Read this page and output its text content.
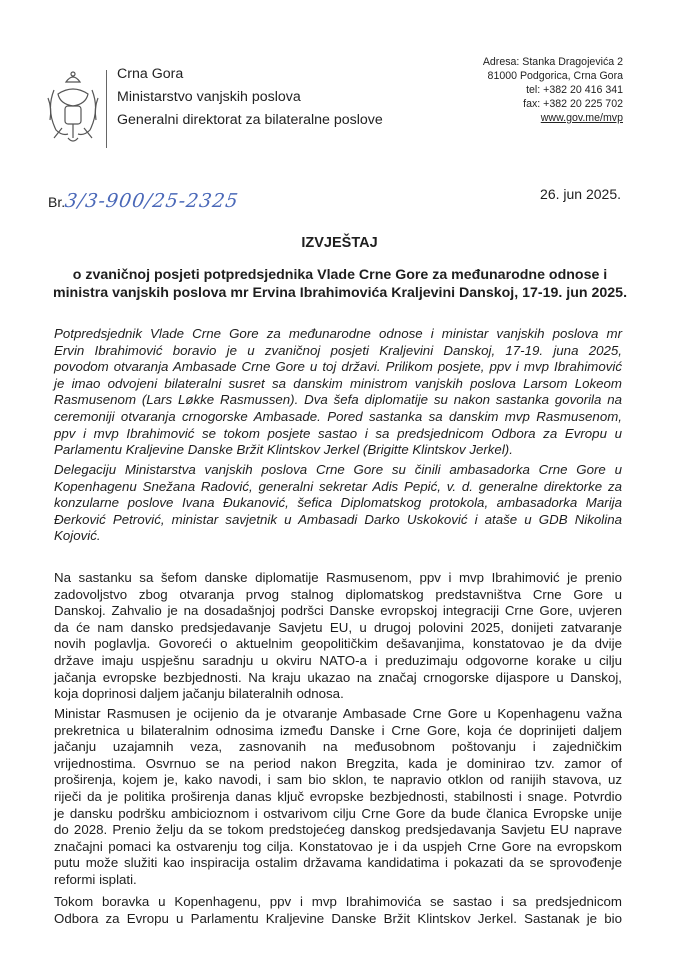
Crna Gora
Ministarstvo vanjskih poslova
Generalni direktorat za bilateralne poslove
Adresa: Stanka Dragojevića 2
81000 Podgorica, Crna Gora
tel: +382 20 416 341
fax: +382 20 225 702
www.gov.me/mvp
Br.3/3-900/25-2325	26. jun 2025.
IZVJEŠTAJ
o zvaničnoj posjeti potpredsjednika Vlade Crne Gore za međunarodne odnose i
ministra vanjskih poslova mr Ervina Ibrahimovića Kraljevini Danskoj, 17-19. jun 2025.
Potpredsjednik Vlade Crne Gore za međunarodne odnose i ministar vanjskih poslova mr
Ervin Ibrahimović boravio je u zvaničnoj posjeti Kraljevini Danskoj, 17-19. juna 2025,
povodom otvaranja Ambasade Crne Gore u toj državi. Prilikom posjete, ppv i mvp Ibrahimović
je imao odvojeni bilateralni susret sa danskim ministrom vanjskih poslova Larsom Lokeom
Rasmusenom (Lars Løkke Rasmussen). Dva šefa diplomatije su nakon sastanka govorila na
ceremoniji otvaranja crnogorske Ambasade. Pored sastanka sa danskim mvp Rasmusenom,
ppv i mvp Ibrahimović se tokom posjete sastao i sa predsjednicom Odbora za Evropu u
Parlamentu Kraljevine Danske Bržit Klintskov Jerkel (Brigitte Klintskov Jerkel).
Delegaciju Ministarstva vanjskih poslova Crne Gore su činili ambasadorka Crne Gore u
Kopenhagenu Snežana Radović, generalni sekretar Adis Pepić, v. d. generalne direktorke za
konzularne poslove Ivana Đukanović, šefica Diplomatskog protokola, ambasadorka Marija
Đerković Petrović, ministar savjetnik u Ambasadi Darko Uskoković i ataše u GDB Nikolina
Kojović.
Na sastanku sa šefom danske diplomatije Rasmusenom, ppv i mvp Ibrahimović je prenio
zadovoljstvo zbog otvaranja prvog stalnog diplomatskog predstavništva Crne Gore u
Danskoj. Zahvalio je na dosadašnjoj podršci Danske evropskoj integraciji Crne Gore, uvjeren
da će nam dansko predsjedavanje Savjetu EU, u drugoj polovini 2025, donijeti zatvaranje
novih poglavlja. Govoreći o aktuelnim geopolitičkim dešavanjima, konstatovao je da dvije
države imaju uspješnu saradnju u okviru NATO-a i preduzimaju odgovorne korake u cilju
jačanja evropske bezbjednosti. Na kraju ukazao na značaj crnogorske dijaspore u Danskoj,
koja doprinosi daljem jačanju bilateralnih odnosa.
Ministar Rasmusen je ocijenio da je otvaranje Ambasade Crne Gore u Kopenhagenu važna
prekretnica u bilateralnim odnosima između Danske i Crne Gore, koja će doprinijeti daljem
jačanju uzajamnih veza, zasnovanih na međusobnom poštovanju i zajedničkim
vrijednostima. Osvrnuo se na period nakon Bregzita, kada je dominirao tzv. zamor of
proširenja, kojem je, kako navodi, i sam bio sklon, te napravio otklon od ranijih stavova, uz
riječi da je politika proširenja danas ključ evropske bezbjednosti, stabilnosti i snage. Potvrdio
je dansku podršku ambicioznom i ostvarivom cilju Crne Gore da bude članica Evropske unije
do 2028. Prenio želju da se tokom predstojećeg danskog predsjedavanja Savjetu EU naprave
značajni pomaci ka ostvarenju tog cilja. Konstatovao je i da uspjeh Crne Gore na evropskom
putu može služiti kao inspiracija ostalim državama kandidatima i pokazati da se sprovođenje
reformi isplati.
Tokom boravka u Kopenhagenu, ppv i mvp Ibrahimovića se sastao i sa predsjednicom
Odbora za Evropu u Parlamentu Kraljevine Danske Bržit Klintskov Jerkel. Sastanak je bio
